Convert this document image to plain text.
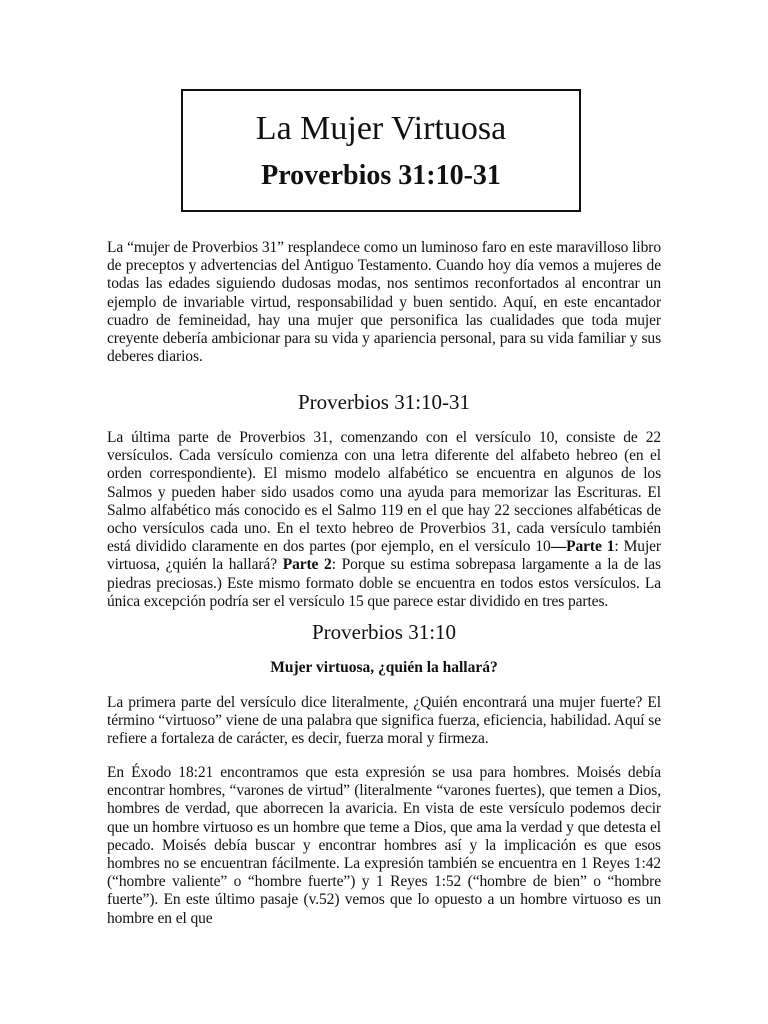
La Mujer Virtuosa
Proverbios 31:10-31

La “mujer de Proverbios 31” resplandece como un luminoso faro en este maravilloso libro de preceptos y advertencias del Antiguo Testamento. Cuando hoy día vemos a mujeres de todas las edades siguiendo dudosas modas, nos sentimos reconfortados al encontrar un ejemplo de invariable virtud, responsabilidad y buen sentido. Aquí, en este encantador cuadro de femineidad, hay una mujer que personifica las cualidades que toda mujer creyente debería ambicionar para su vida y apariencia personal, para su vida familiar y sus deberes diarios.

Proverbios 31:10-31

La última parte de Proverbios 31, comenzando con el versículo 10, consiste de 22 versículos. Cada versículo comienza con una letra diferente del alfabeto hebreo (en el orden correspondiente). El mismo modelo alfabético se encuentra en algunos de los Salmos y pueden haber sido usados como una ayuda para memorizar las Escrituras. El Salmo alfabético más conocido es el Salmo 119 en el que hay 22 secciones alfabéticas de ocho versículos cada uno. En el texto hebreo de Proverbios 31, cada versículo también está dividido claramente en dos partes (por ejemplo, en el versículo 10—Parte 1: Mujer virtuosa, ¿quién la hallará? Parte 2: Porque su estima sobrepasa largamente a la de las piedras preciosas.) Este mismo formato doble se encuentra en todos estos versículos. La única excepción podría ser el versículo 15 que parece estar dividido en tres partes.

Proverbios 31:10
Mujer virtuosa, ¿quién la hallará?

La primera parte del versículo dice literalmente, ¿Quién encontrará una mujer fuerte? El término “virtuoso” viene de una palabra que significa fuerza, eficiencia, habilidad. Aquí se refiere a fortaleza de carácter, es decir, fuerza moral y firmeza.

En Éxodo 18:21 encontramos que esta expresión se usa para hombres. Moisés debía encontrar hombres, “varones de virtud” (literalmente “varones fuertes), que temen a Dios, hombres de verdad, que aborrecen la avaricia. En vista de este versículo podemos decir que un hombre virtuoso es un hombre que teme a Dios, que ama la verdad y que detesta el pecado. Moisés debía buscar y encontrar hombres así y la implicación es que esos hombres no se encuentran fácilmente. La expresión también se encuentra en 1 Reyes 1:42 (“hombre valiente” o “hombre fuerte”) y 1 Reyes 1:52 (“hombre de bien” o “hombre fuerte”). En este último pasaje (v.52) vemos que lo opuesto a un hombre virtuoso es un hombre en el que
